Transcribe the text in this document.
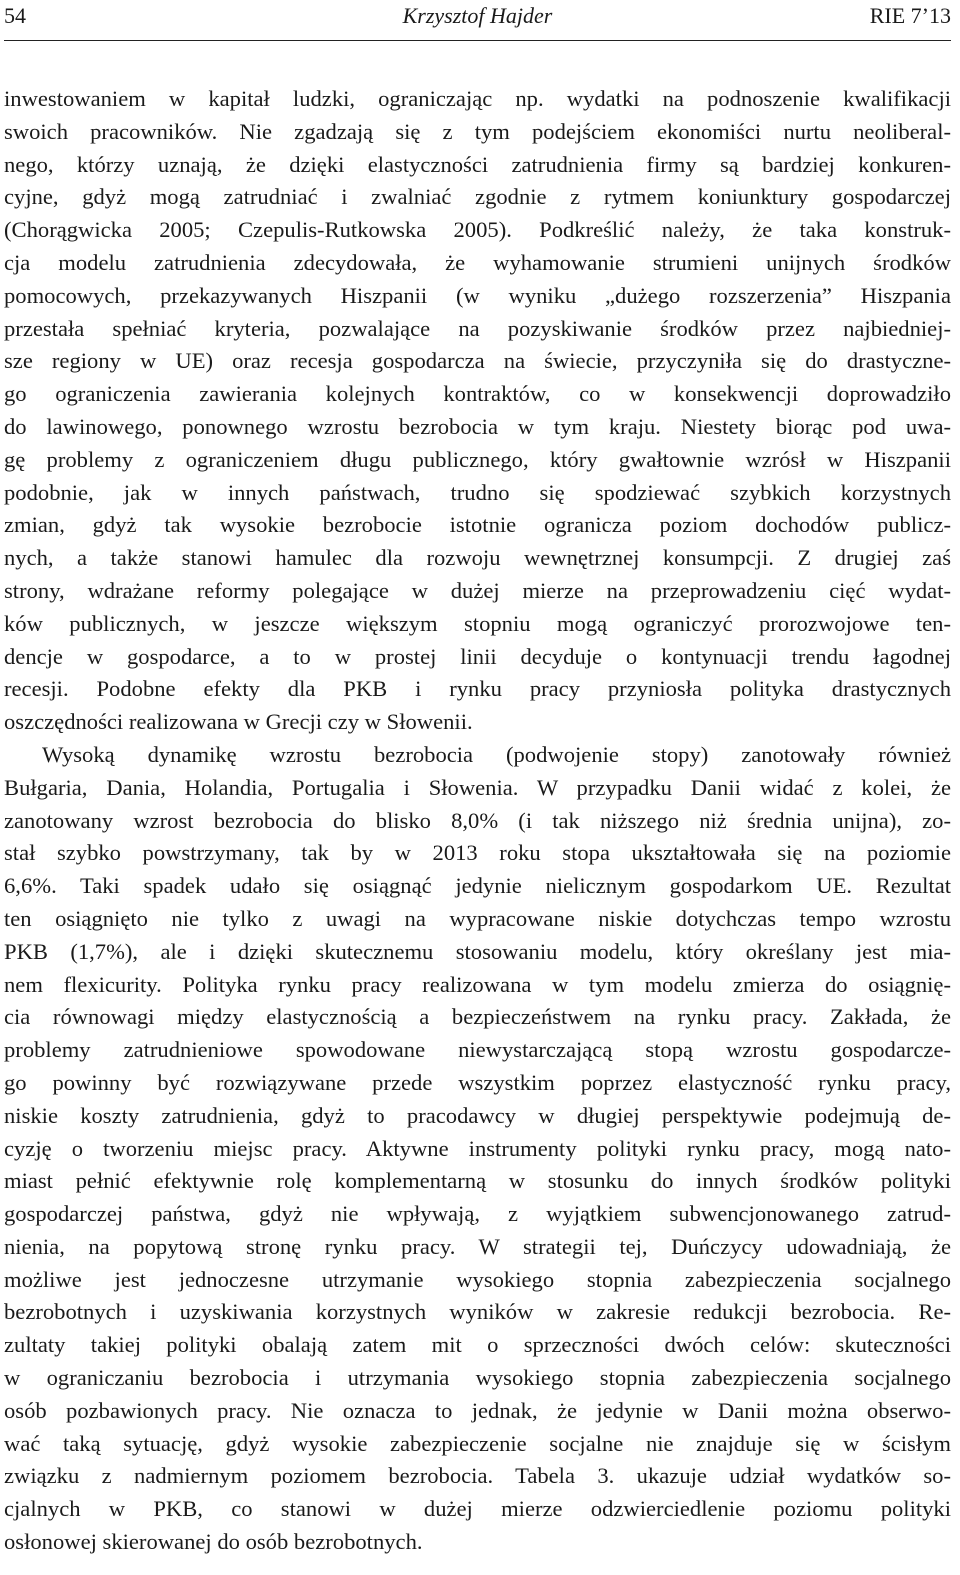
54	Krzysztof Hajder	RIE 7’13
inwestowaniem w kapitał ludzki, ograniczając np. wydatki na podnoszenie kwalifikacji
swoich pracowników. Nie zgadzają się z tym podejściem ekonomiści nurtu neoliberal-
nego, którzy uznają, że dzięki elastyczności zatrudnienia firmy są bardziej konkuren-
cyjne, gdyż mogą zatrudniać i zwalniać zgodnie z rytmem koniunktury gospodarczej
(Chorągwicka 2005; Czepulis-Rutkowska 2005). Podkreślić należy, że taka konstruk-
cja modelu zatrudnienia zdecydowała, że wyhamowanie strumieni unijnych środków
pomocowych, przekazywanych Hiszpanii (w wyniku „dużego rozszerzenia” Hiszpania
przestała spełniać kryteria, pozwalające na pozyskiwanie środków przez najbiedniej-
sze regiony w UE) oraz recesja gospodarcza na świecie, przyczyniła się do drastyczne-
go ograniczenia zawierania kolejnych kontraktów, co w konsekwencji doprowadziło
do lawinowego, ponownego wzrostu bezrobocia w tym kraju. Niestety biorąc pod uwa-
gę problemy z ograniczeniem długu publicznego, który gwałtownie wzrósł w Hiszpanii
podobnie, jak w innych państwach, trudno się spodziewać szybkich korzystnych
zmian, gdyż tak wysokie bezrobocie istotnie ogranicza poziom dochodów publicz-
nych, a także stanowi hamulec dla rozwoju wewnętrznej konsumpcji. Z drugiej zaś
strony, wdrażane reformy polegające w dużej mierze na przeprowadzeniu cięć wydat-
ków publicznych, w jeszcze większym stopniu mogą ograniczyć prorozwojowe ten-
dencje w gospodarce, a to w prostej linii decyduje o kontynuacji trendu łagodnej
recesji. Podobne efekty dla PKB i rynku pracy przyniosła polityka drastycznych
oszczędności realizowana w Grecji czy w Słowenii.
Wysoką dynamikę wzrostu bezrobocia (podwojenie stopy) zanotowały również
Bułgaria, Dania, Holandia, Portugalia i Słowenia. W przypadku Danii widać z kolei, że
zanotowany wzrost bezrobocia do blisko 8,0% (i tak niższego niż średnia unijna), zo-
stał szybko powstrzymany, tak by w 2013 roku stopa ukształtowała się na poziomie
6,6%. Taki spadek udało się osiągnąć jedynie nielicznym gospodarkom UE. Rezultat
ten osiągnięto nie tylko z uwagi na wypracowane niskie dotychczas tempo wzrostu
PKB (1,7%), ale i dzięki skutecznemu stosowaniu modelu, który określany jest mia-
nem flexicurity. Polityka rynku pracy realizowana w tym modelu zmierza do osiągnię-
cia równowagi między elastycznością a bezpieczeństwem na rynku pracy. Zakłada, że
problemy zatrudnieniowe spowodowane niewystarczającą stopą wzrostu gospodarcze-
go powinny być rozwiązywane przede wszystkim poprzez elastyczność rynku pracy,
niskie koszty zatrudnienia, gdyż to pracodawcy w długiej perspektywie podejmują de-
cyzję o tworzeniu miejsc pracy. Aktywne instrumenty polityki rynku pracy, mogą nato-
miast pełnić efektywnie rolę komplementarną w stosunku do innych środków polityki
gospodarczej państwa, gdyż nie wpływają, z wyjątkiem subwencjonowanego zatrud-
nienia, na popytową stronę rynku pracy. W strategii tej, Duńczycy udowadniają, że
możliwe jest jednoczesne utrzymanie wysokiego stopnia zabezpieczenia socjalnego
bezrobotnych i uzyskiwania korzystnych wyników w zakresie redukcji bezrobocia. Re-
zultaty takiej polityki obalają zatem mit o sprzeczności dwóch celów: skuteczności
w ograniczaniu bezrobocia i utrzymania wysokiego stopnia zabezpieczenia socjalnego
osób pozbawionych pracy. Nie oznacza to jednak, że jedynie w Danii można obserwo-
wać taką sytuację, gdyż wysokie zabezpieczenie socjalne nie znajduje się w ścisłym
związku z nadmiernym poziomem bezrobocia. Tabela 3. ukazuje udział wydatków so-
cjalnych w PKB, co stanowi w dużej mierze odzwierciedlenie poziomu polityki
osłonowej skierowanej do osób bezrobotnych.
